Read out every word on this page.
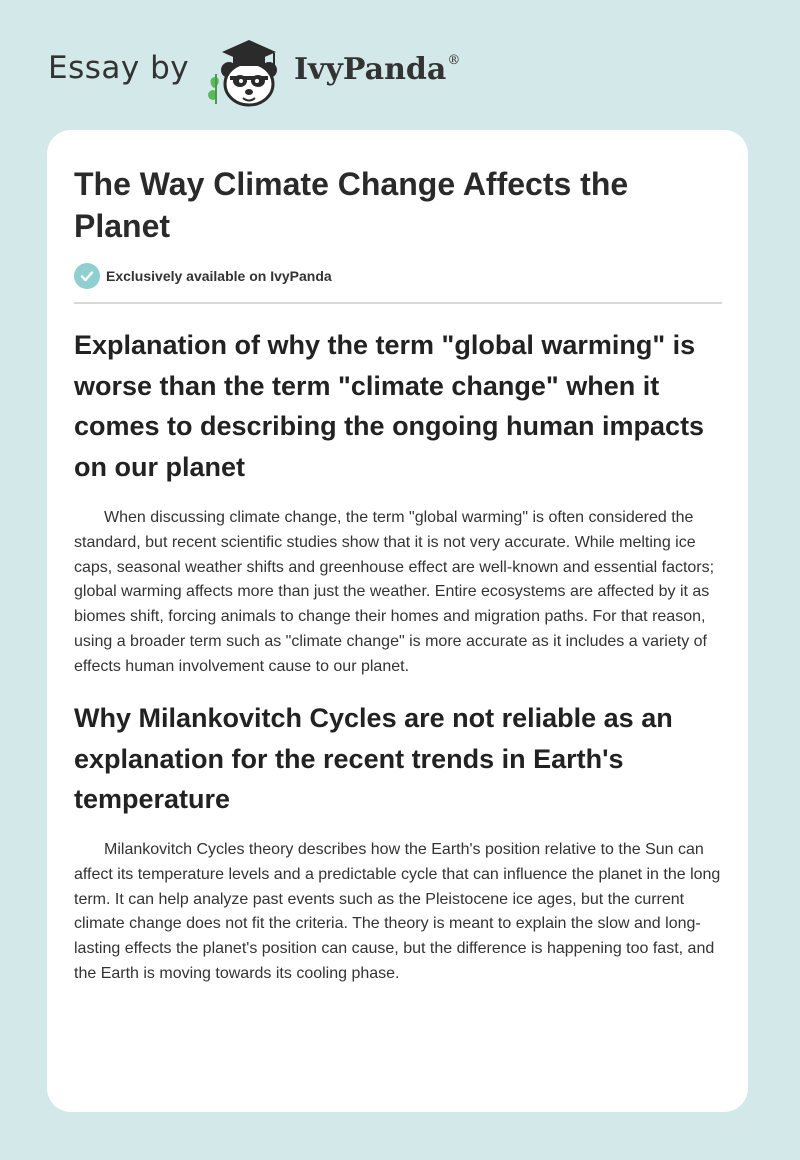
Essay by	IvyPanda®
The Way Climate Change Affects the Planet
Exclusively available on IvyPanda
Explanation of why the term "global warming" is worse than the term "climate change" when it comes to describing the ongoing human impacts on our planet

When discussing climate change, the term "global warming" is often considered the standard, but recent scientific studies show that it is not very accurate. While melting ice caps, seasonal weather shifts and greenhouse effect are well-known and essential factors; global warming affects more than just the weather. Entire ecosystems are affected by it as biomes shift, forcing animals to change their homes and migration paths. For that reason, using a broader term such as "climate change" is more accurate as it includes a variety of effects human involvement cause to our planet.

Why Milankovitch Cycles are not reliable as an explanation for the recent trends in Earth's temperature

Milankovitch Cycles theory describes how the Earth's position relative to the Sun can affect its temperature levels and a predictable cycle that can influence the planet in the long term. It can help analyze past events such as the Pleistocene ice ages, but the current climate change does not fit the criteria. The theory is meant to explain the slow and long-lasting effects the planet's position can cause, but the difference is happening too fast, and the Earth is moving towards its cooling phase.
